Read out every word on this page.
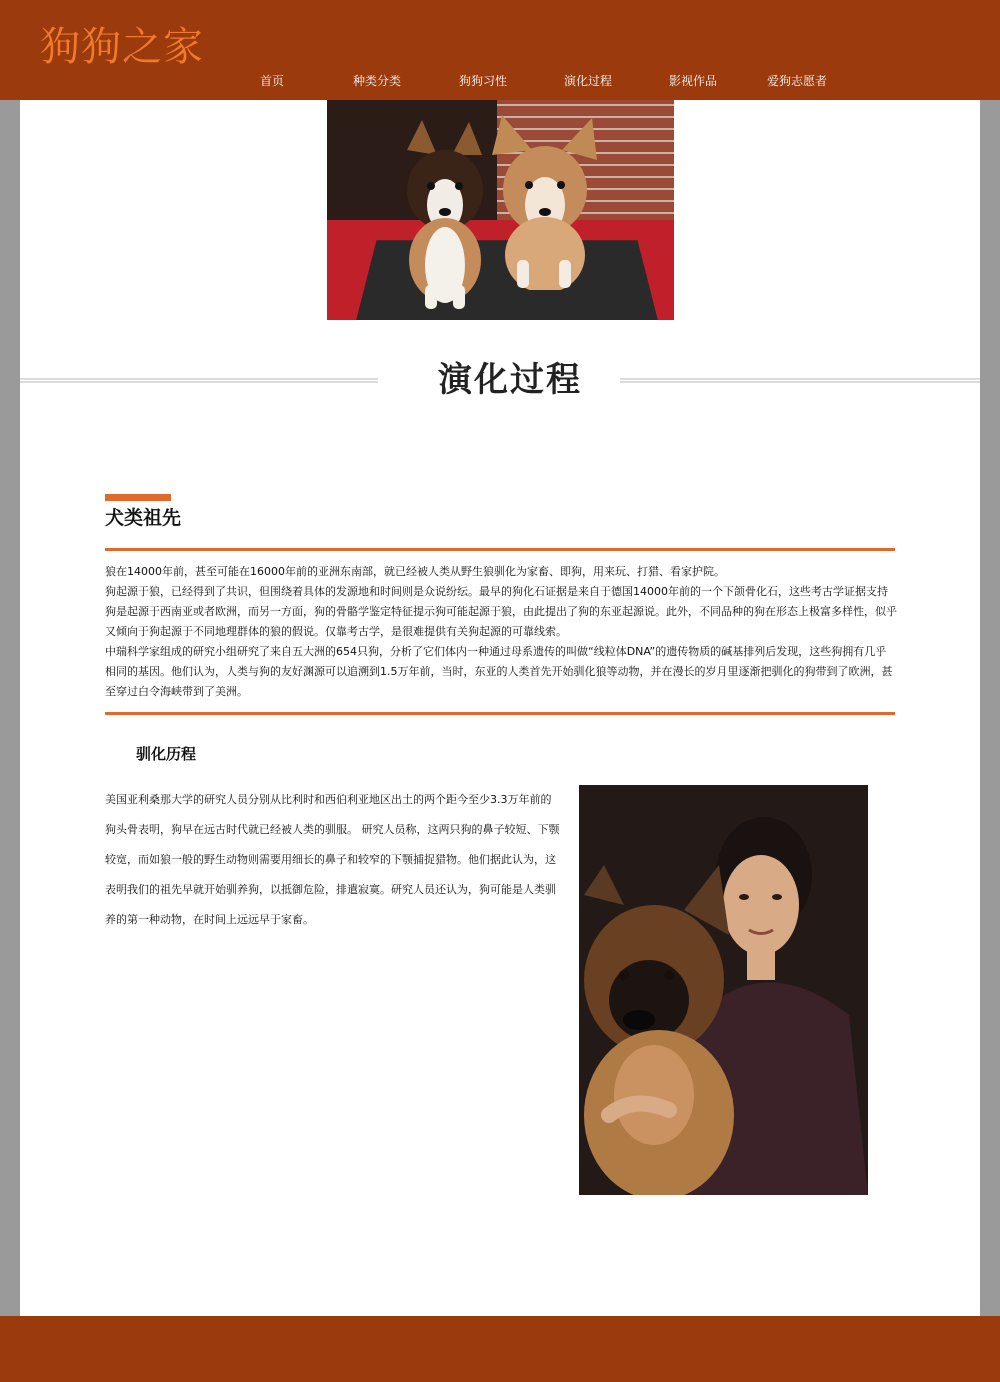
狗狗之家
首页	种类分类	狗狗习性	演化过程	影视作品	爱狗志愿者
演化过程
犬类祖先

狼在14000年前，甚至可能在16000年前的亚洲东南部，就已经被人类从野生狼驯化为家畜、即狗，用来玩、打猎、看家护院。

狗起源于狼，已经得到了共识，但围绕着具体的发源地和时间则是众说纷纭。最早的狗化石证据是来自于德国14000年前的一个下颌骨化石，这些考古学证据支持狗是起源于西南亚或者欧洲，而另一方面，狗的骨骼学鉴定特征提示狗可能起源于狼，由此提出了狗的东亚起源说。此外，不同品种的狗在形态上极富多样性，似乎又倾向于狗起源于不同地理群体的狼的假说。仅靠考古学，是很难提供有关狗起源的可靠线索。

中瑞科学家组成的研究小组研究了来自五大洲的654只狗，分析了它们体内一种通过母系遗传的叫做“线粒体DNA”的遗传物质的碱基排列后发现，这些狗拥有几乎相同的基因。他们认为，人类与狗的友好渊源可以追溯到1.5万年前，当时，东亚的人类首先开始驯化狼等动物，并在漫长的岁月里逐渐把驯化的狗带到了欧洲，甚至穿过白令海峡带到了美洲。

驯化历程
美国亚利桑那大学的研究人员分别从比利时和西伯利亚地区出土的两个距今至少3.3万年前的狗头骨表明，狗早在远古时代就已经被人类的驯服。 研究人员称，这两只狗的鼻子较短、下颚较宽，而如狼一般的野生动物则需要用细长的鼻子和较窄的下颚捕捉猎物。他们据此认为，这表明我们的祖先早就开始驯养狗，以抵御危险，排遣寂寞。研究人员还认为，狗可能是人类驯养的第一种动物，在时间上远远早于家畜。
